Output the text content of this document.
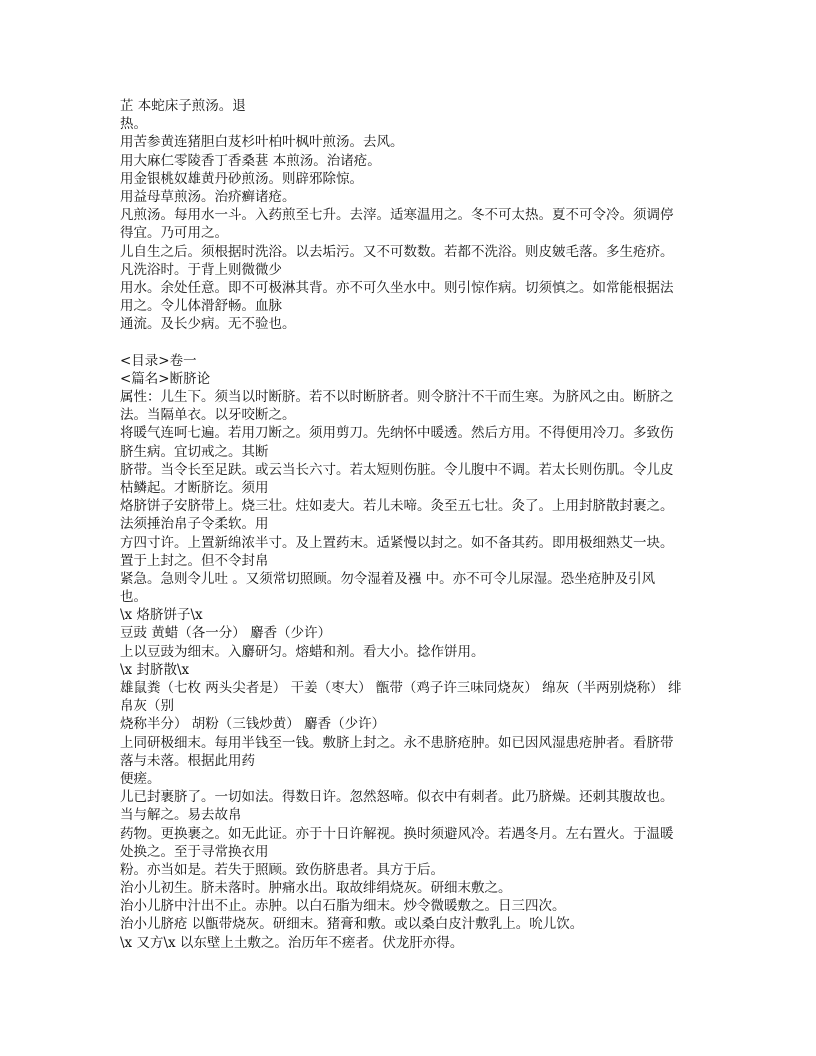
芷 本蛇床子煎汤。退
热。
用苦参黄连猪胆白芨杉叶柏叶枫叶煎汤。去风。
用大麻仁零陵香丁香桑葚 本煎汤。治诸疮。
用金银桃奴雄黄丹砂煎汤。则辟邪除惊。
用益母草煎汤。治疥癣诸疮。
凡煎汤。每用水一斗。入药煎至七升。去滓。适寒温用之。冬不可太热。夏不可令冷。须调停
得宜。乃可用之。
儿自生之后。须根据时洗浴。以去垢污。又不可数数。若都不洗浴。则皮皴毛落。多生疮疥。
凡洗浴时。于背上则微微少
用水。余处任意。即不可极淋其背。亦不可久坐水中。则引惊作病。切须慎之。如常能根据法
用之。令儿体滑舒畅。血脉
通流。及长少病。无不验也。
<目录>卷一
<篇名>断脐论
属性：儿生下。须当以时断脐。若不以时断脐者。则令脐汁不干而生寒。为脐风之由。断脐之
法。当隔单衣。以牙咬断之。
将暖气连呵七遍。若用刀断之。须用剪刀。先纳怀中暖透。然后方用。不得便用冷刀。多致伤
脐生病。宜切戒之。其断
脐带。当令长至足趺。或云当长六寸。若太短则伤脏。令儿腹中不调。若太长则伤肌。令儿皮
枯鳞起。才断脐讫。须用
烙脐饼子安脐带上。烧三壮。炷如麦大。若儿未啼。灸至五七壮。灸了。上用封脐散封裹之。
法须捶治帛子令柔软。用
方四寸许。上置新绵浓半寸。及上置药末。适紧慢以封之。如不备其药。即用极细熟艾一块。
置于上封之。但不令封帛
紧急。急则令儿吐 。又须常切照顾。勿令湿着及襁 中。亦不可令儿尿湿。恐坐疮肿及引风
也。
\x 烙脐饼子\x
豆豉 黄蜡（各一分） 麝香（少许）
上以豆豉为细末。入麝研匀。熔蜡和剂。看大小。捻作饼用。
\x 封脐散\x
雄鼠粪（七枚 两头尖者是） 干姜（枣大） 甑带（鸡子许三味同烧灰） 绵灰（半两别烧称） 绯
帛灰（别
烧称半分） 胡粉（三钱炒黄） 麝香（少许）
上同研极细末。每用半钱至一钱。敷脐上封之。永不患脐疮肿。如已因风湿患疮肿者。看脐带
落与未落。根据此用药
便瘥。
儿已封裹脐了。一切如法。得数日许。忽然怒啼。似衣中有刺者。此乃脐燥。还刺其腹故也。
当与解之。易去故帛
药物。更换裹之。如无此证。亦于十日许解视。换时须避风冷。若遇冬月。左右置火。于温暖
处换之。至于寻常换衣用
粉。亦当如是。若失于照顾。致伤脐患者。具方于后。
治小儿初生。脐未落时。肿痛水出。取故绯绢烧灰。研细末敷之。
治小儿脐中汁出不止。赤肿。以白石脂为细末。炒令微暖敷之。日三四次。
治小儿脐疮 以甑带烧灰。研细末。猪膏和敷。或以桑白皮汁敷乳上。吮儿饮。
\x 又方\x 以东壁上土敷之。治历年不瘥者。伏龙肝亦得。
